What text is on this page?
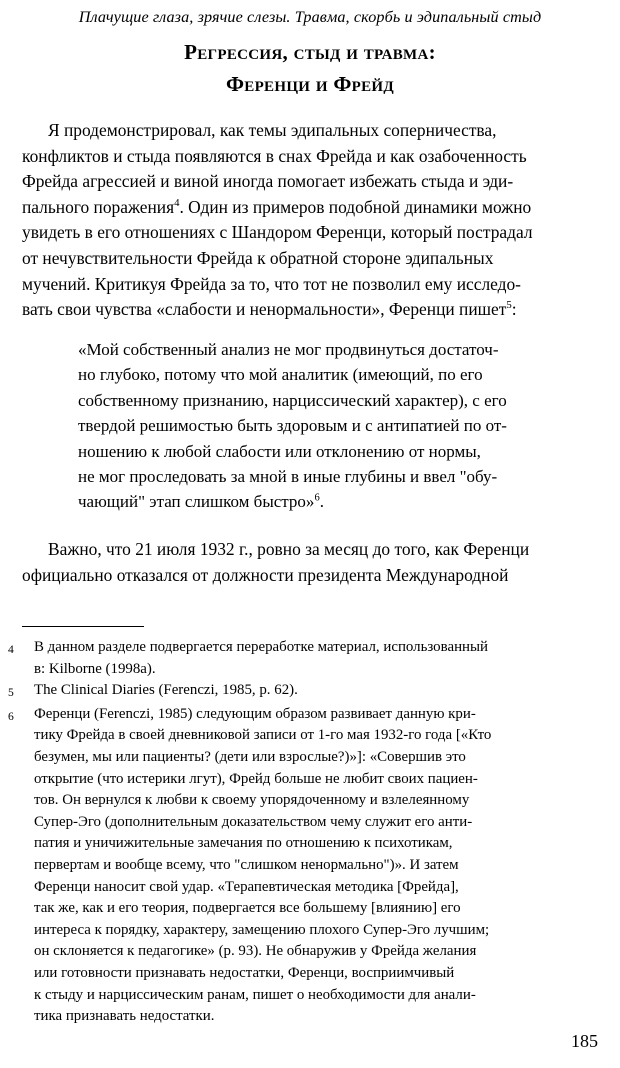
Плачущие глаза, зрячие слезы. Травма, скорбь и эдипальный стыд
Регрессия, стыд и травма:
Ференци и Фрейд

Я продемонстрировал, как темы эдипальных соперничества,
конфликтов и стыда появляются в снах Фрейда и как озабоченность
Фрейда агрессией и виной иногда помогает избежать стыда и эди-
пального поражения$^4$. Один из примеров подобной динамики можно
увидеть в его отношениях с Шандором Ференци, который пострадал
от нечувствительности Фрейда к обратной стороне эдипальных
мучений. Критикуя Фрейда за то, что тот не позволил ему исследо-
вать свои чувства «слабости и ненормальности», Ференци пишет$^5$:

«Мой собственный анализ не мог продвинуться достаточ-
но глубоко, потому что мой аналитик (имеющий, по его
собственному признанию, нарциссический характер), с его
твердой решимостью быть здоровым и с антипатией по от-
ношению к любой слабости или отклонению от нормы,
не мог проследовать за мной в иные глубины и ввел "обу-
чающий" этап слишком быстро»$^6$.
Важно, что 21 июля 1932 г., ровно за месяц до того, как Ференци
официально отказался от должности президента Международной
4	В данном разделе подвергается переработке материал, использованный
в: Kilborne (1998a).
5	The Clinical Diaries (Ferenczi, 1985, p. 62).
6	Ференци (Ferenczi, 1985) следующим образом развивает данную кри-
тику Фрейда в своей дневниковой записи от 1-го мая 1932-го года [«Кто
безумен, мы или пациенты? (дети или взрослые?)»]: «Совершив это
открытие (что истерики лгут), Фрейд больше не любит своих пациен-
тов. Он вернулся к любви к своему упорядоченному и взлелеянному
Супер-Эго (дополнительным доказательством чему служит его анти-
патия и уничижительные замечания по отношению к психотикам,
первертам и вообще всему, что "слишком ненормально")». И затем
Ференци наносит свой удар. «Терапевтическая методика [Фрейда],
так же, как и его теория, подвергается все большему [влиянию] его
интереса к порядку, характеру, замещению плохого Супер-Эго лучшим;
он склоняется к педагогике» (p. 93). Не обнаружив у Фрейда желания
или готовности признавать недостатки, Ференци, восприимчивый
к стыду и нарциссическим ранам, пишет о необходимости для анали-
тика признавать недостатки.
185
